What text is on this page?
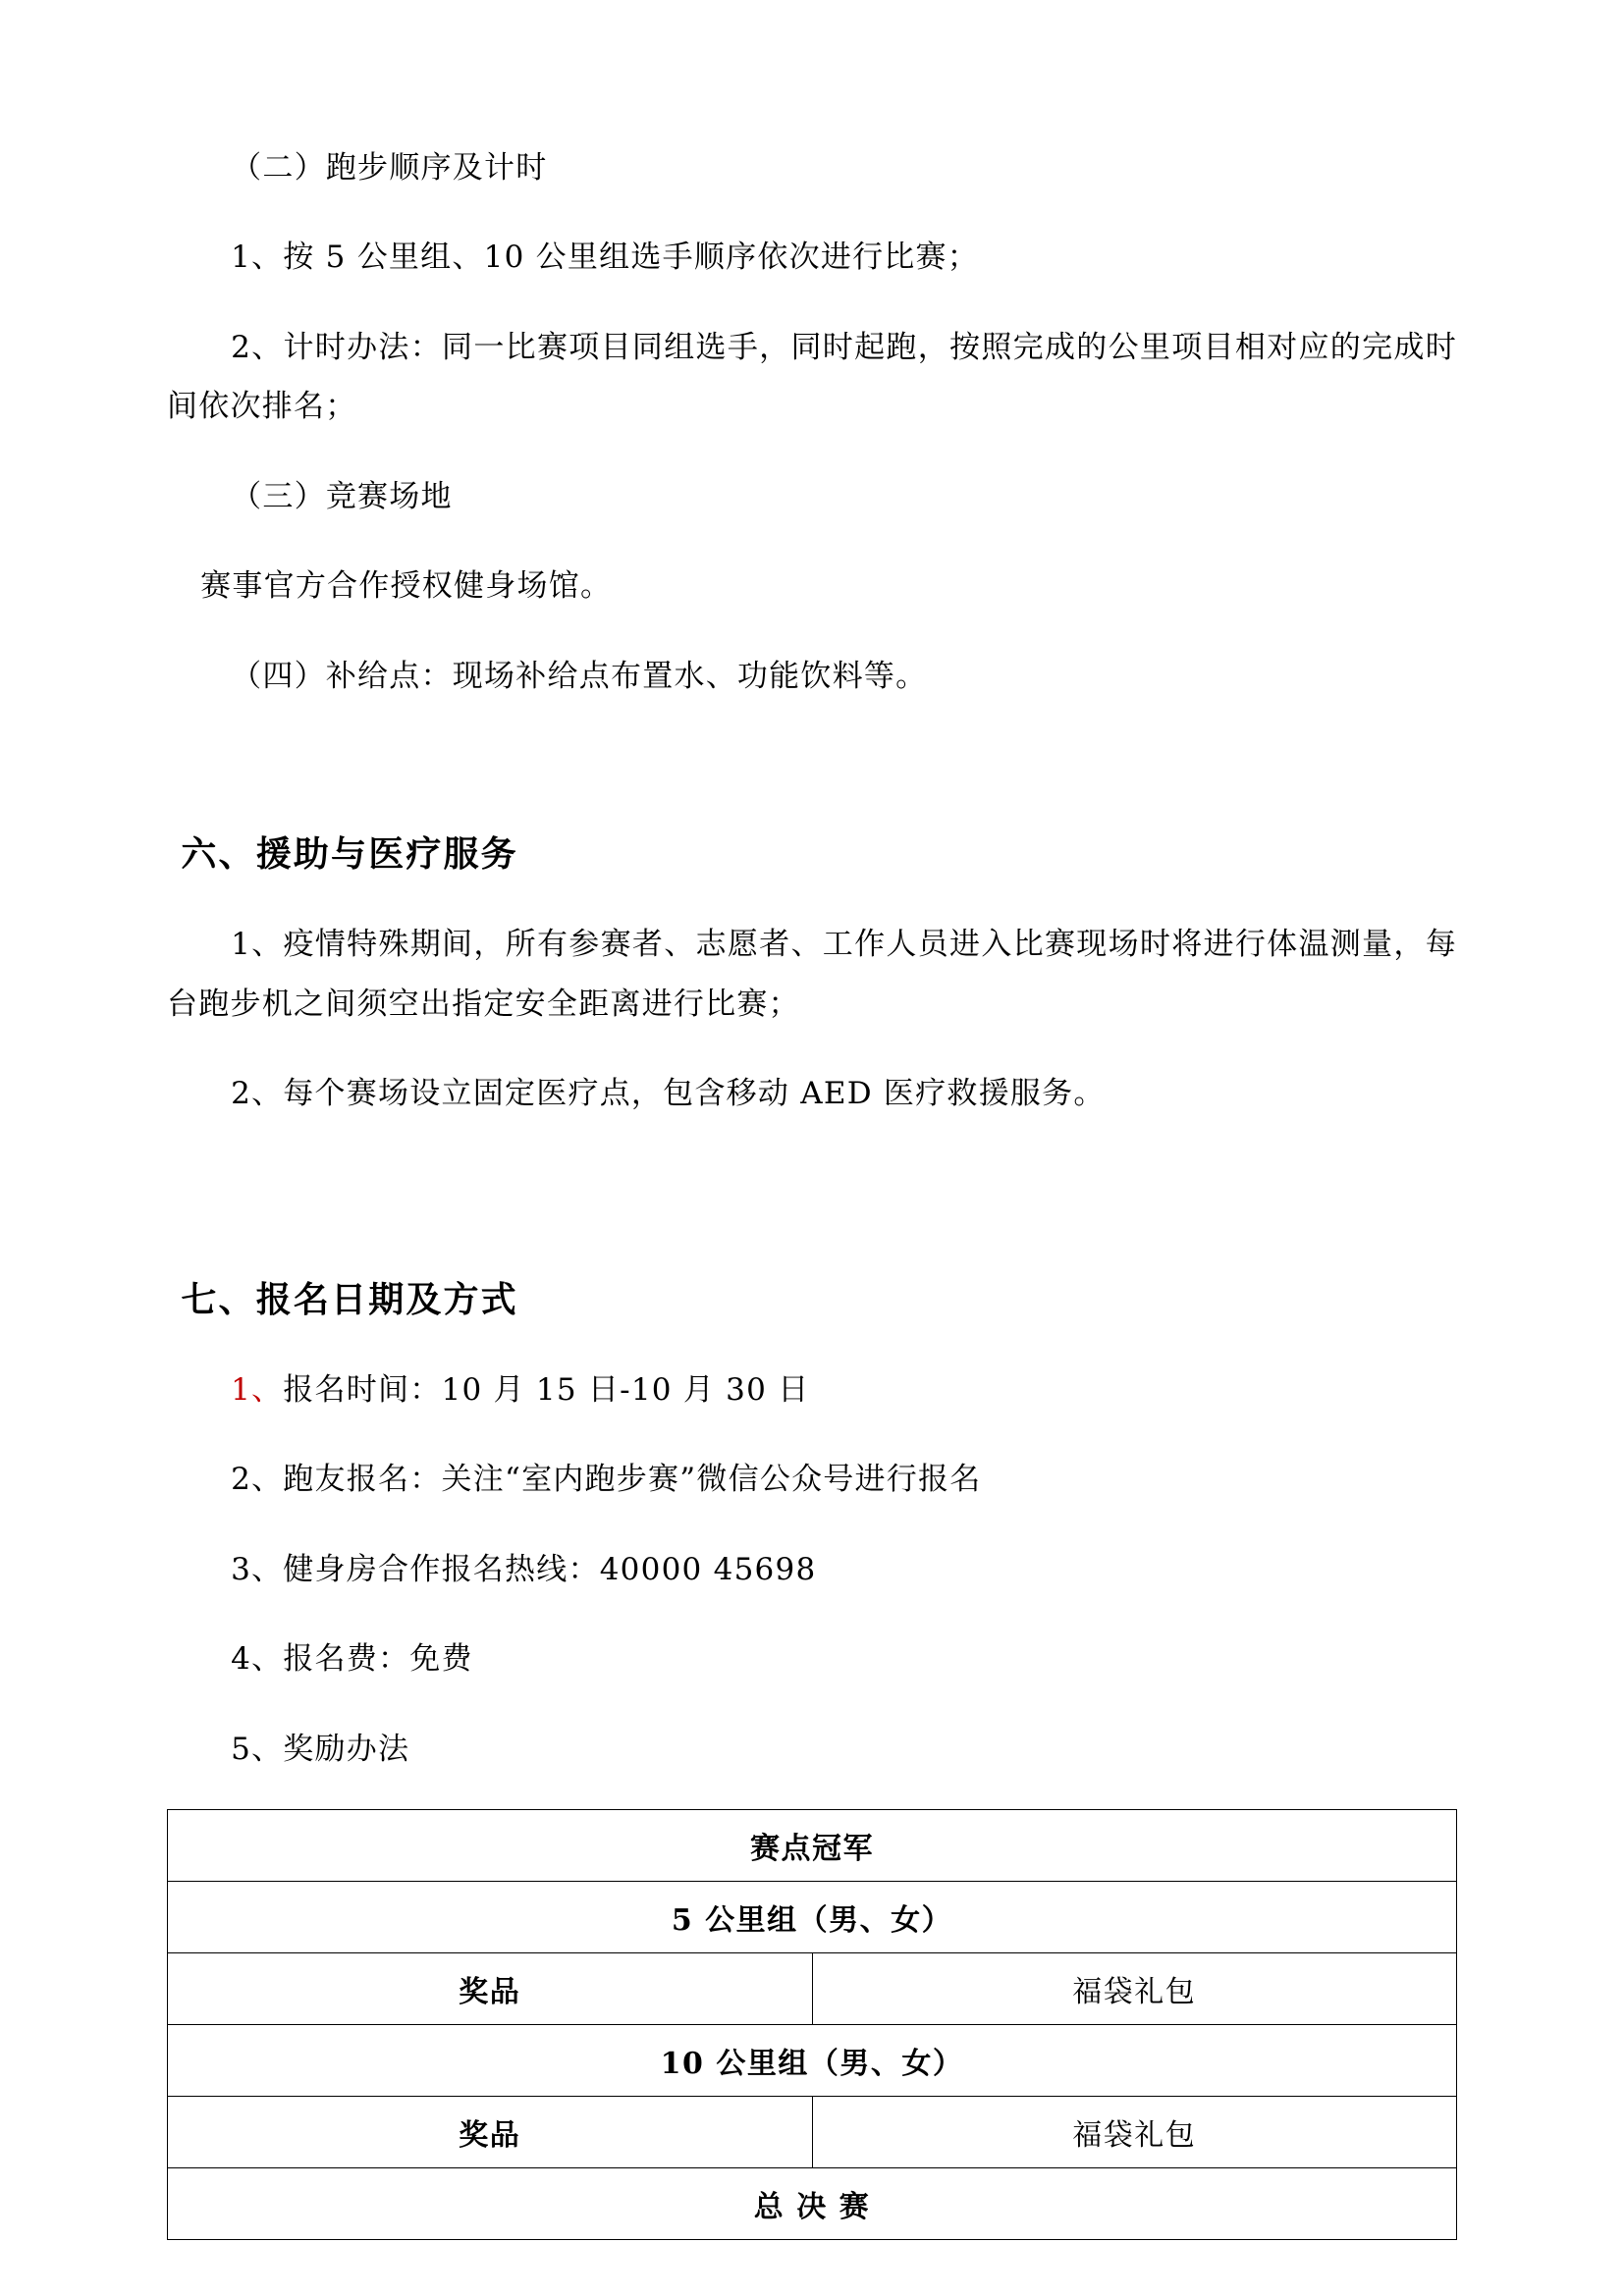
（二）跑步顺序及计时

1、按 5 公里组、10 公里组选手顺序依次进行比赛；

2、计时办法：同一比赛项目同组选手，同时起跑，按照完成的公里项目相对应的完成时间依次排名；

（三）竞赛场地

赛事官方合作授权健身场馆。

（四）补给点：现场补给点布置水、功能饮料等。

六、援助与医疗服务

1、疫情特殊期间，所有参赛者、志愿者、工作人员进入比赛现场时将进行体温测量，每台跑步机之间须空出指定安全距离进行比赛；

2、每个赛场设立固定医疗点，包含移动 AED 医疗救援服务。

七、报名日期及方式

1、报名时间：10 月 15 日-10 月 30 日

2、跑友报名：关注“室内跑步赛”微信公众号进行报名

3、健身房合作报名热线：40000 45698

4、报名费：免费

5、奖励办法

赛点冠军	
5 公里组（男、女）	
奖品	福袋礼包
10 公里组（男、女）	
奖品	福袋礼包
总 决 赛	
